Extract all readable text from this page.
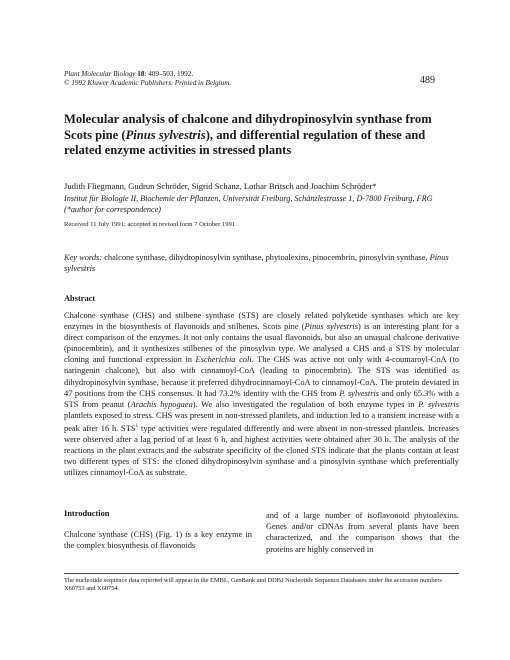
Plant Molecular Biology 18: 489–503, 1992.
© 1992 Kluwer Academic Publishers. Printed in Belgium.	489
Molecular analysis of chalcone and dihydropinosylvin synthase from Scots pine (Pinus sylvestris), and differential regulation of these and related enzyme activities in stressed plants
Judith Fliegmann, Gudrun Schröder, Sigrid Schanz, Lothar Britsch and Joachim Schröder*
Institut für Biologie II, Biochemie der Pflanzen, Universität Freiburg, Schänzlestrasse 1, D-7800 Freiburg, FRG (*author for correspondence)
Received 11 July 1991; accepted in revised form 7 October 1991
Key words: chalcone synthase, dihydropinosylvin synthase, phytoalexins, pinocembrin, pinosylvin synthase, Pinus sylvestris
Abstract
Chalcone synthase (CHS) and stilbene synthase (STS) are closely related polyketide synthases which are key enzymes in the biosynthesis of flavonoids and stilbenes. Scots pine (Pinus sylvestris) is an interesting plant for a direct comparison of the enzymes. It not only contains the usual flavonoids, but also an unusual chalcone derivative (pinocembrin), and it synthesizes stilbenes of the pinosylvin type. We analysed a CHS and a STS by molecular cloning and functional expression in Escherichia coli. The CHS was active not only with 4-coumaroyl-CoA (to naringenin chalcone), but also with cinnamoyl-CoA (leading to pinocembrin). The STS was identified as dihydropinosylvin synthase, because it preferred dihydrocinnamoyl-CoA to cinnamoyl-CoA. The protein deviated in 47 positions from the CHS consensus. It had 73.2% identity with the CHS from P. sylvestris and only 65.3% with a STS from peanut (Arachis hypogaea). We also investigated the regulation of both enzyme types in P. sylvestris plantlets exposed to stress. CHS was present in non-stressed plantlets, and induction led to a transient increase with a peak after 16 h. STS$^1$ type activities were regulated differently and were absent in non-stressed plantlets. Increases were observed after a lag period of at least 6 h, and highest activities were obtained after 30 h. The analysis of the reactions in the plant extracts and the substrate specificity of the cloned STS indicate that the plants contain at least two different types of STS: the cloned dihydropinosylvin synthase and a pinosylvin synthase which preferentially utilizes cinnamoyl-CoA as substrate.
Introduction
Chalcone synthase (CHS) (Fig. 1) is a key enzyme in the complex biosynthesis of flavonoids
and of a large number of isoflavonoid phytoalexins. Genes and/or cDNAs from several plants have been characterized, and the comparison shows that the proteins are highly conserved in
The nucleotide sequence data reported will appear in the EMBL, GenBank and DDBJ Nucleotide Sequence Databases under the accession numbers X60753 and X60754.
